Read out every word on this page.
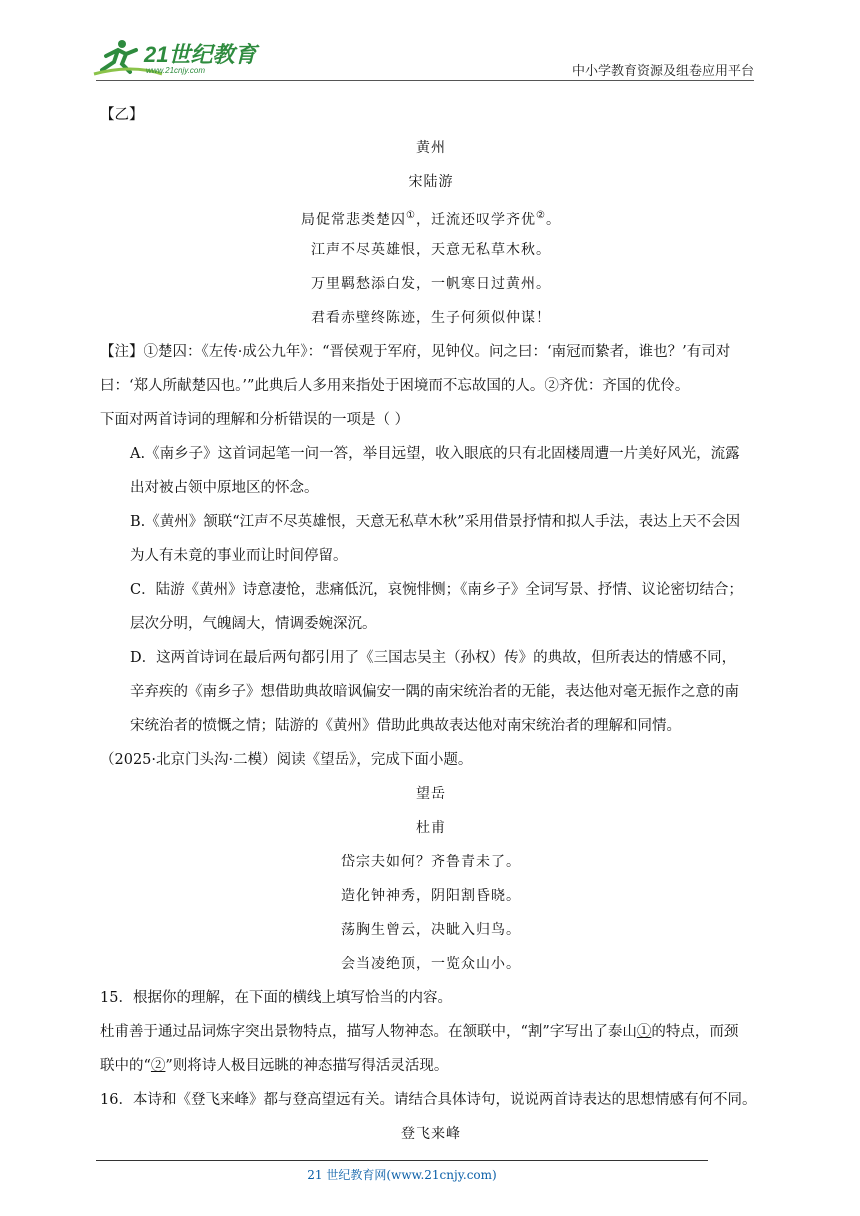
21世纪教育
www.21cnjy.com	中小学教育资源及组卷应用平台
【乙】
黄州
宋陆游
局促常悲类楚囚①，迁流还叹学齐优②。
江声不尽英雄恨，天意无私草木秋。
万里羁愁添白发，一帆寒日过黄州。
君看赤壁终陈迹，生子何须似仲谋！
【注】①楚囚：《左传·成公九年》：“晋侯观于军府，见钟仪。问之曰：‘南冠而絷者，谁也？’有司对
曰：‘郑人所献楚囚也。’”此典后人多用来指处于困境而不忘故国的人。②齐优：齐国的优伶。
下面对两首诗词的理解和分析错误的一项是（ ）
A.《南乡子》这首词起笔一问一答，举目远望，收入眼底的只有北固楼周遭一片美好风光，流露
出对被占领中原地区的怀念。
B.《黄州》颔联“江声不尽英雄恨，天意无私草木秋”采用借景抒情和拟人手法，表达上天不会因
为人有未竟的事业而让时间停留。
C．陆游《黄州》诗意凄怆，悲痛低沉，哀惋悱恻；《南乡子》全词写景、抒情、议论密切结合；
层次分明，气魄阔大，情调委婉深沉。
D．这两首诗词在最后两句都引用了《三国志吴主（孙权）传》的典故，但所表达的情感不同，
辛弃疾的《南乡子》想借助典故暗讽偏安一隅的南宋统治者的无能，表达他对毫无振作之意的南
宋统治者的愤慨之情；陆游的《黄州》借助此典故表达他对南宋统治者的理解和同情。
（2025·北京门头沟·二模）阅读《望岳》，完成下面小题。
望岳
杜甫
岱宗夫如何？齐鲁青未了。
造化钟神秀，阴阳割昏晓。
荡胸生曾云，决眦入归鸟。
会当凌绝顶，一览众山小。
15．根据你的理解，在下面的横线上填写恰当的内容。
杜甫善于通过品词炼字突出景物特点，描写人物神态。在颔联中，“割”字写出了泰山①的特点，而颈
联中的“②”则将诗人极目远眺的神态描写得活灵活现。
16．本诗和《登飞来峰》都与登高望远有关。请结合具体诗句，说说两首诗表达的思想情感有何不同。
登飞来峰
21 世纪教育网(www.21cnjy.com)
